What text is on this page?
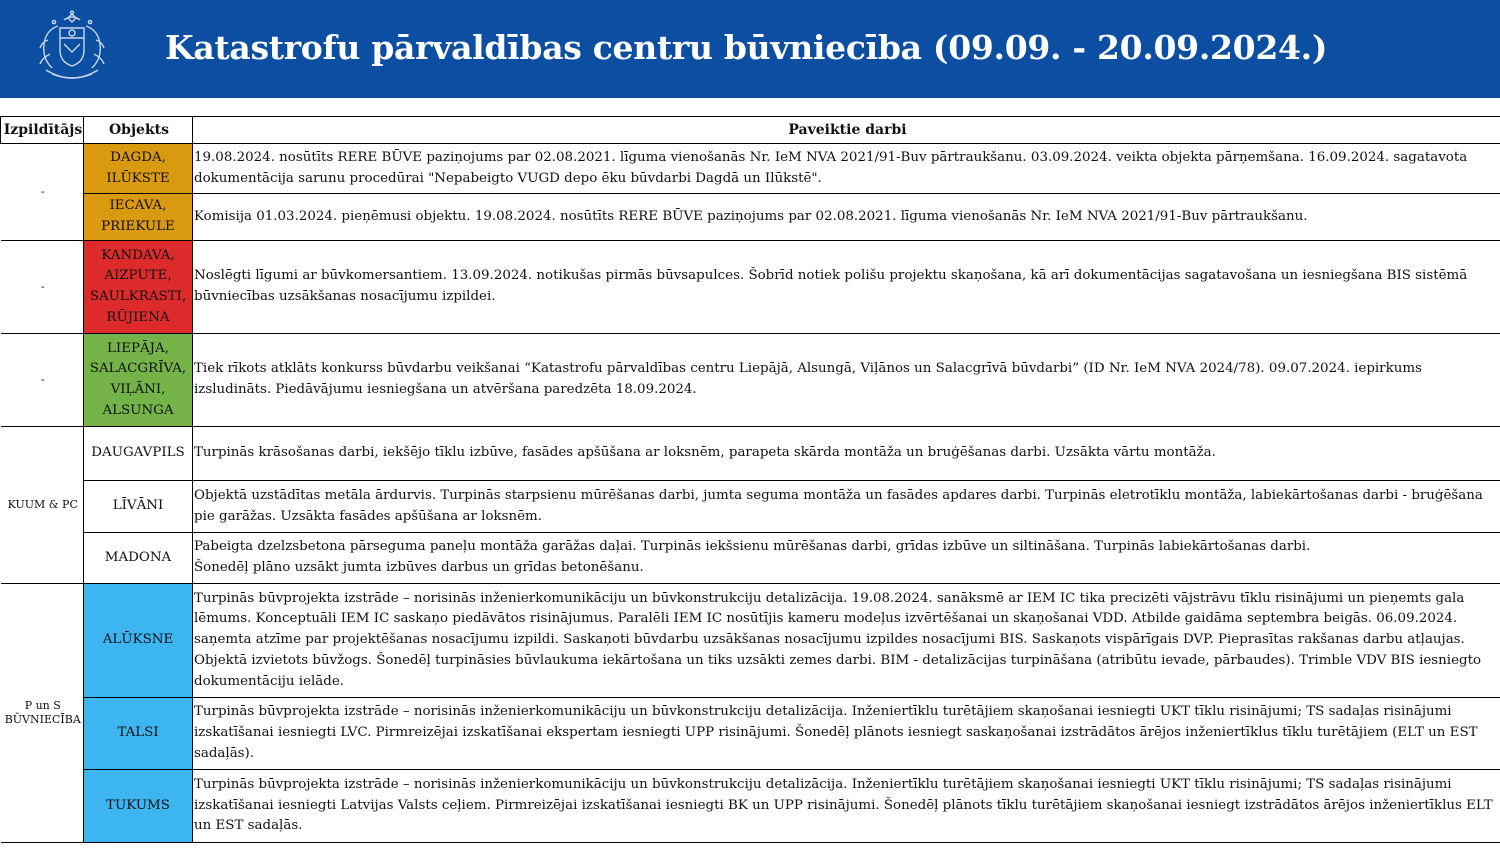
Katastrofu pārvaldības centru būvniecība (09.09. - 20.09.2024.)
Izpildītājs	Objekts	Paveiktie darbi
-	DAGDA, ILŪKSTE	19.08.2024. nosūtīts RERE BŪVE paziņojums par 02.08.2021. līguma vienošanās Nr. IeM NVA 2021/91-Buv pārtraukšanu. 03.09.2024. veikta objekta pārņemšana. 16.09.2024. sagatavota dokumentācija sarunu procedūrai "Nepabeigto VUGD depo ēku būvdarbi Dagdā un Ilūkstē".
	IECAVA, PRIEKULE	Komisija 01.03.2024. pieņēmusi objektu. 19.08.2024. nosūtīts RERE BŪVE paziņojums par 02.08.2021. līguma vienošanās Nr. IeM NVA 2021/91-Buv pārtraukšanu.
-	KANDAVA, AIZPUTE, SAULKRASTI, RŪJIENA	Noslēgti līgumi ar būvkomersantiem. 13.09.2024. notikušas pirmās būvsapulces. Šobrīd notiek polišu projektu skaņošana, kā arī dokumentācijas sagatavošana un iesniegšana BIS sistēmā būvniecības uzsākšanas nosacījumu izpildei.
-	LIEPĀJA, SALACGRĪVA, VIĻĀNI, ALSUNGA	Tiek rīkots atklāts konkurss būvdarbu veikšanai “Katastrofu pārvaldības centru Liepājā, Alsungā, Viļānos un Salacgrīvā būvdarbi” (ID Nr. IeM NVA 2024/78). 09.07.2024. iepirkums izsludināts. Piedāvājumu iesniegšana un atvēršana paredzēta 18.09.2024.
KUUM & PC	DAUGAVPILS	Turpinās krāsošanas darbi, iekšējo tīklu izbūve, fasādes apšūšana ar loksnēm, parapeta skārda montāža un bruģēšanas darbi. Uzsākta vārtu montāža.
	LĪVĀNI	Objektā uzstādītas metāla ārdurvis. Turpinās starpsienu mūrēšanas darbi, jumta seguma montāža un fasādes apdares darbi. Turpinās eletrotīklu montāža, labiekārtošanas darbi - bruģēšana pie garāžas. Uzsākta fasādes apšūšana ar loksnēm.
	MADONA	Pabeigta dzelzsbetona pārseguma paneļu montāža garāžas daļai. Turpinās iekšsienu mūrēšanas darbi, grīdas izbūve un siltināšana. Turpinās labiekārtošanas darbi.
Šonedēļ plāno uzsākt jumta izbūves darbus un grīdas betonēšanu.
P un S BŪVNIECĪBA	ALŪKSNE	Turpinās būvprojekta izstrāde – norisinās inženierkomunikāciju un būvkonstrukciju detalizācija. 19.08.2024. sanāksmē ar IEM IC tika precizēti vājstrāvu tīklu risinājumi un pieņemts gala lēmums. Konceptuāli IEM IC saskaņo piedāvātos risinājumus. Paralēli IEM IC nosūtījis kameru modeļus izvērtēšanai un skaņošanai VDD. Atbilde gaidāma septembra beigās. 06.09.2024. saņemta atzīme par projektēšanas nosacījumu izpildi. Saskaņoti būvdarbu uzsākšanas nosacījumu izpildes nosacījumi BIS. Saskaņots vispārīgais DVP. Pieprasītas rakšanas darbu atļaujas. Objektā izvietots būvžogs. Šonedēļ turpināsies būvlaukuma iekārtošana un tiks uzsākti zemes darbi. BIM - detalizācijas turpināšana (atribūtu ievade, pārbaudes). Trimble VDV BIS iesniegto dokumentāciju ielāde.
	TALSI	Turpinās būvprojekta izstrāde – norisinās inženierkomunikāciju un būvkonstrukciju detalizācija. Inženiertīklu turētājiem skaņošanai iesniegti UKT tīklu risinājumi; TS sadaļas risinājumi izskatīšanai iesniegti LVC. Pirmreizējai izskatīšanai ekspertam iesniegti UPP risinājumi. Šonedēļ plānots iesniegt saskaņošanai izstrādātos ārējos inženiertīklus tīklu turētājiem (ELT un EST sadaļās).
	TUKUMS	Turpinās būvprojekta izstrāde – norisinās inženierkomunikāciju un būvkonstrukciju detalizācija. Inženiertīklu turētājiem skaņošanai iesniegti UKT tīklu risinājumi; TS sadaļas risinājumi izskatīšanai iesniegti Latvijas Valsts ceļiem. Pirmreizējai izskatīšanai iesniegti BK un UPP risinājumi. Šonedēļ plānots tīklu turētājiem skaņošanai iesniegt izstrādātos ārējos inženiertīklus ELT un EST sadaļās.
